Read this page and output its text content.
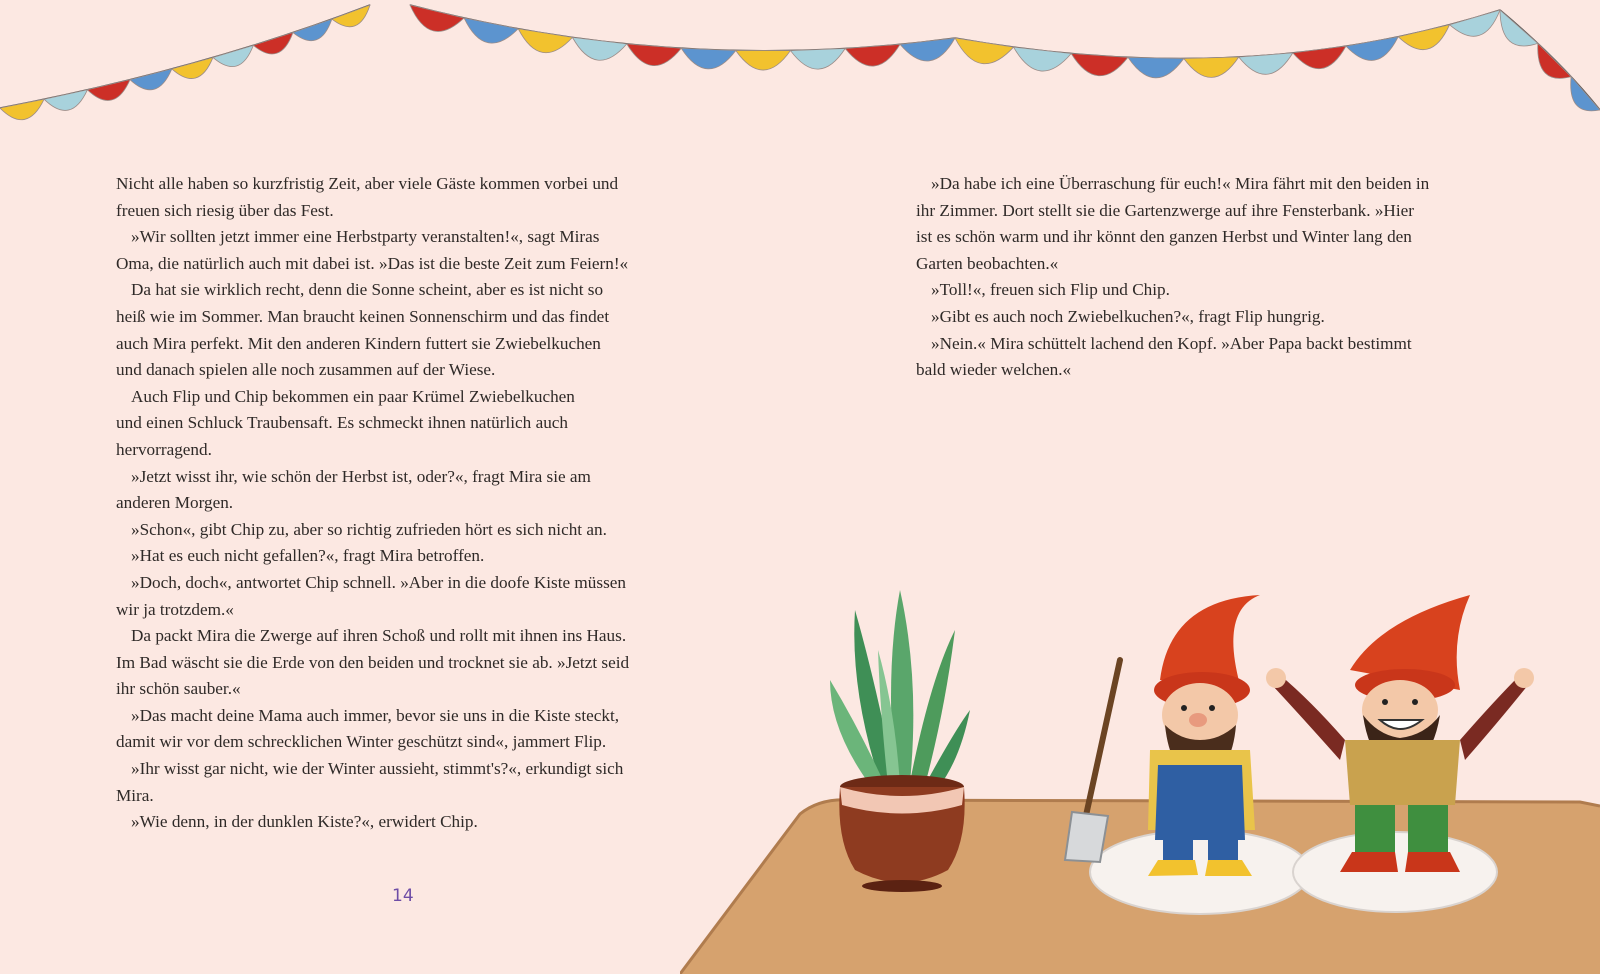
Nicht alle haben so kurzfristig Zeit, aber viele Gäste kommen vorbei und

freuen sich riesig über das Fest.

»Wir sollten jetzt immer eine Herbstparty veranstalten!«, sagt Miras

Oma, die natürlich auch mit dabei ist. »Das ist die beste Zeit zum Feiern!«

Da hat sie wirklich recht, denn die Sonne scheint, aber es ist nicht so

heiß wie im Sommer. Man braucht keinen Sonnenschirm und das findet

auch Mira perfekt. Mit den anderen Kindern futtert sie Zwiebelkuchen

und danach spielen alle noch zusammen auf der Wiese.

Auch Flip und Chip bekommen ein paar Krümel Zwiebelkuchen

und einen Schluck Traubensaft. Es schmeckt ihnen natürlich auch

hervorragend.

»Jetzt wisst ihr, wie schön der Herbst ist, oder?«, fragt Mira sie am

anderen Morgen.

»Schon«, gibt Chip zu, aber so richtig zufrieden hört es sich nicht an.

»Hat es euch nicht gefallen?«, fragt Mira betroffen.

»Doch, doch«, antwortet Chip schnell. »Aber in die doofe Kiste müssen

wir ja trotzdem.«

Da packt Mira die Zwerge auf ihren Schoß und rollt mit ihnen ins Haus.

Im Bad wäscht sie die Erde von den beiden und trocknet sie ab. »Jetzt seid

ihr schön sauber.«

»Das macht deine Mama auch immer, bevor sie uns in die Kiste steckt,

damit wir vor dem schrecklichen Winter geschützt sind«, jammert Flip.

»Ihr wisst gar nicht, wie der Winter aussieht, stimmt's?«, erkundigt sich

Mira.

»Wie denn, in der dunklen Kiste?«, erwidert Chip.

»Da habe ich eine Überraschung für euch!« Mira fährt mit den beiden in

ihr Zimmer. Dort stellt sie die Gartenzwerge auf ihre Fensterbank. »Hier

ist es schön warm und ihr könnt den ganzen Herbst und Winter lang den

Garten beobachten.«

»Toll!«, freuen sich Flip und Chip.

»Gibt es auch noch Zwiebelkuchen?«, fragt Flip hungrig.

»Nein.« Mira schüttelt lachend den Kopf. »Aber Papa backt bestimmt

bald wieder welchen.«

14
